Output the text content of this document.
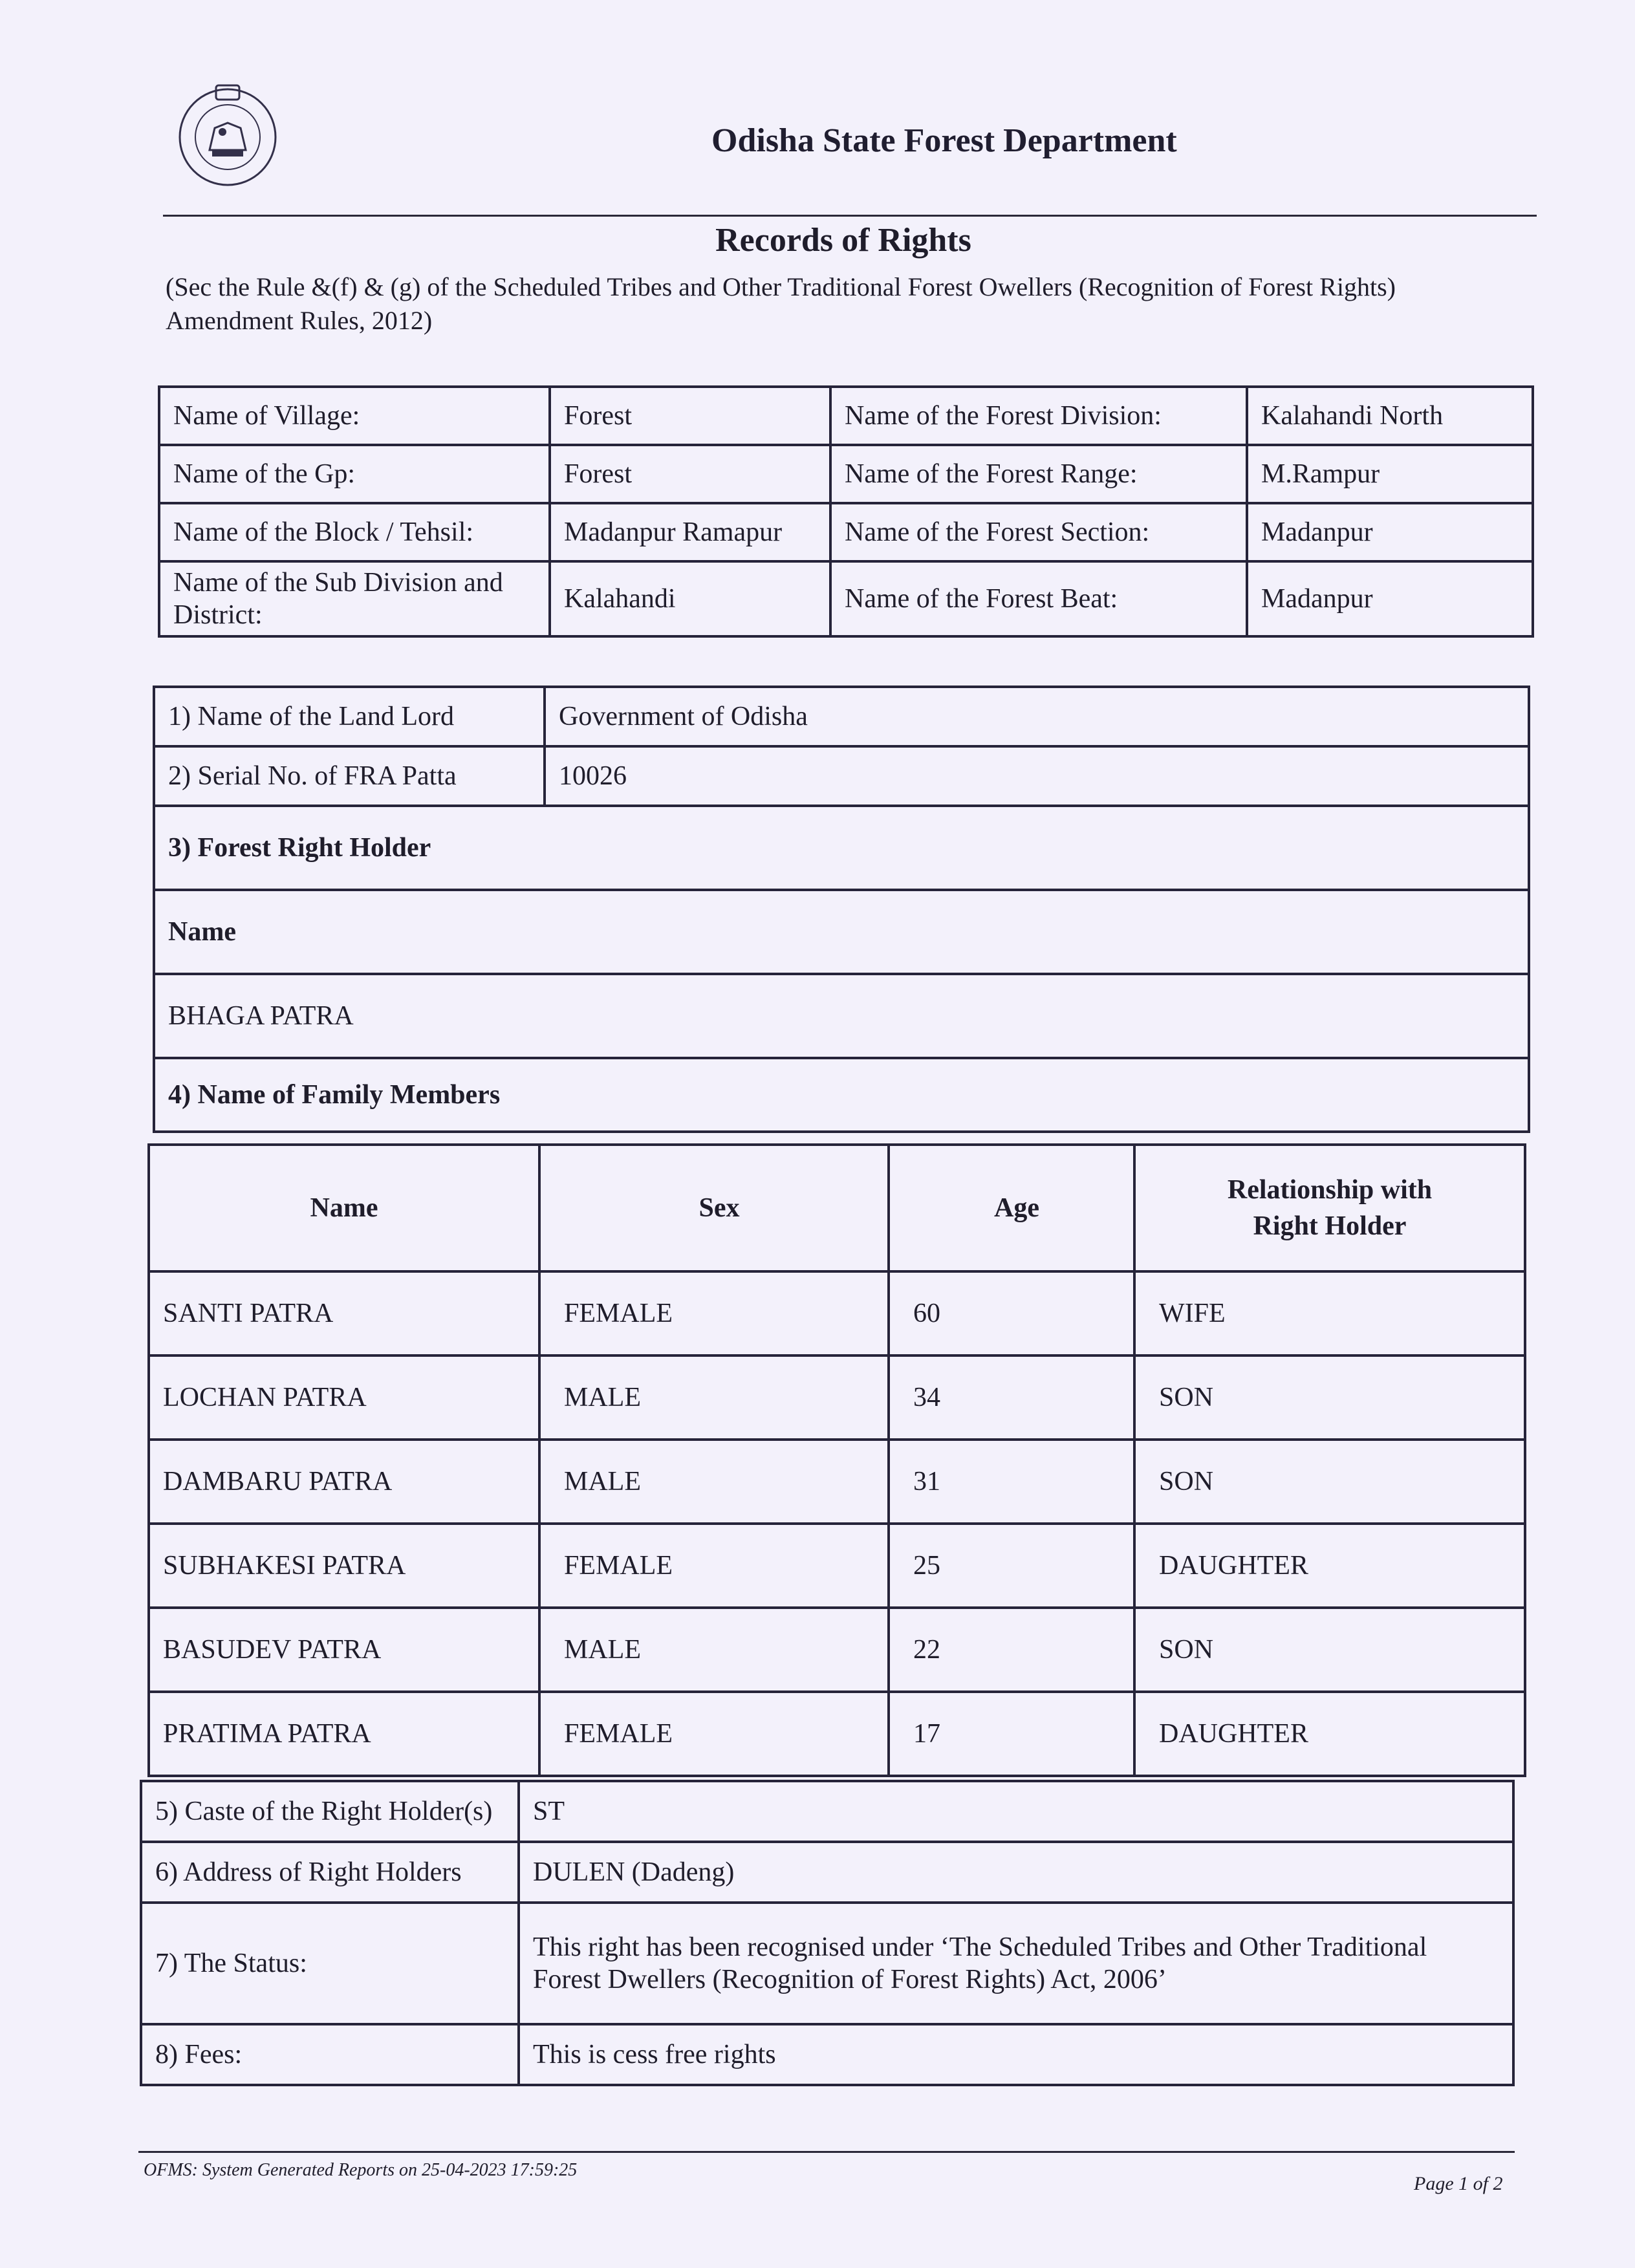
Odisha State Forest Department
Records of Rights
(Sec the Rule &(f) & (g) of the Scheduled Tribes and Other Traditional Forest Owellers (Recognition of Forest Rights) Amendment Rules, 2012)
Name of Village:	Forest	Name of the Forest Division:	Kalahandi North
Name of the Gp:	Forest	Name of the Forest Range:	M.Rampur
Name of the Block / Tehsil:	Madanpur Ramapur	Name of the Forest Section:	Madanpur
Name of the Sub Division and District:	Kalahandi	Name of the Forest Beat:	Madanpur
1) Name of the Land Lord	Government of Odisha
2) Serial No. of FRA Patta	10026
3) Forest Right Holder	
Name	
BHAGA PATRA	
4) Name of Family Members	
Name	Sex	Age	Relationship with Right Holder
SANTI PATRA	FEMALE	60	WIFE
LOCHAN PATRA	MALE	34	SON
DAMBARU PATRA	MALE	31	SON
SUBHAKESI PATRA	FEMALE	25	DAUGHTER
BASUDEV PATRA	MALE	22	SON
PRATIMA PATRA	FEMALE	17	DAUGHTER
5) Caste of the Right Holder(s)	ST
6) Address of Right Holders	DULEN (Dadeng)
7) The Status:	This right has been recognised under ‘The Scheduled Tribes and Other Traditional
Forest Dwellers (Recognition of Forest Rights) Act, 2006’

8) Fees:	This is cess free rights
OFMS: System Generated Reports on 25-04-2023 17:59:25
Page 1 of 2
